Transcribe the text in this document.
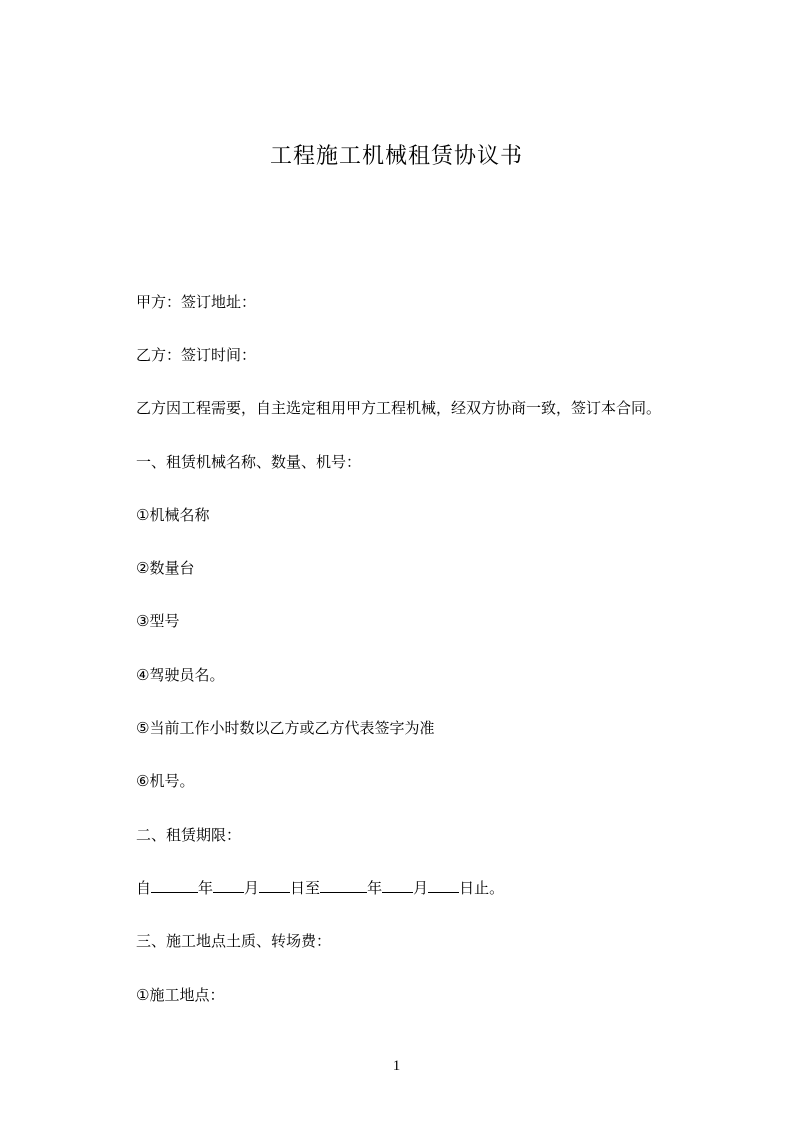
工程施工机械租赁协议书
甲方：签订地址：
乙方：签订时间：
乙方因工程需要，自主选定租用甲方工程机械，经双方协商一致，签订本合同。
一、租赁机械名称、数量、机号：
①机械名称
②数量台
③型号
④驾驶员名。
⑤当前工作小时数以乙方或乙方代表签字为准
⑥机号。
二、租赁期限：
自	年 月 日至	年 月 日止。
三、施工地点土质、转场费：
①施工地点：
1
